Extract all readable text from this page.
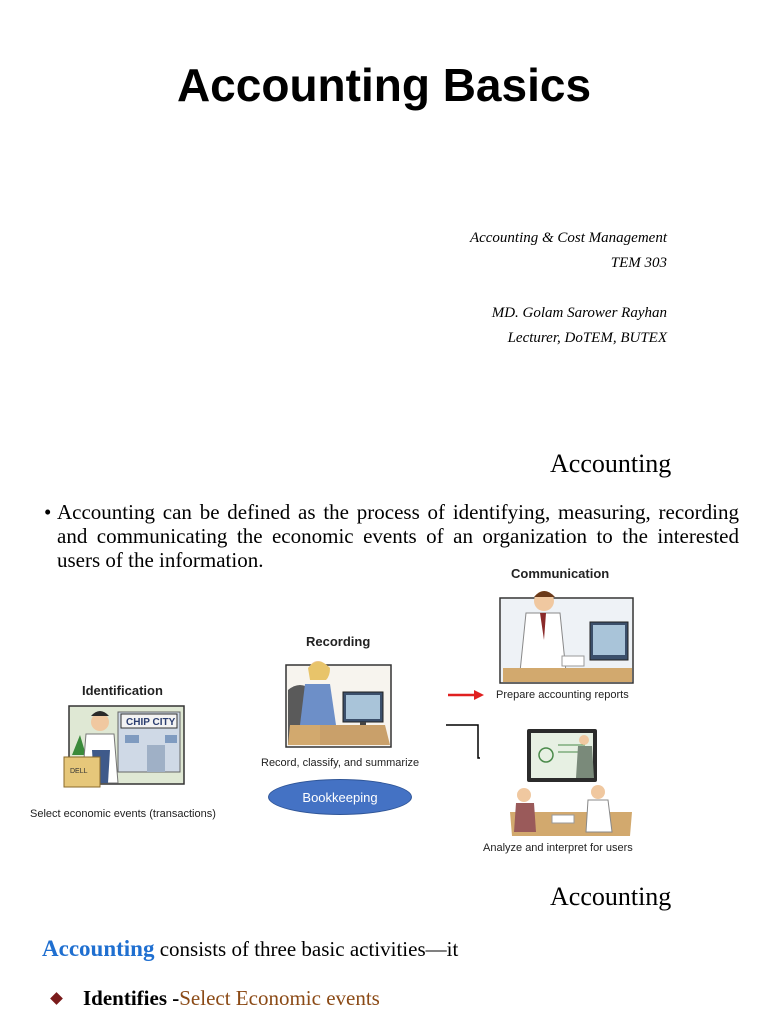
Accounting Basics
Accounting & Cost Management
TEM 303
MD. Golam Sarower Rayhan
Lecturer, DoTEM, BUTEX
Accounting
• Accounting can be defined as the process of identifying, measuring, recording and communicating the economic events of an organization to the interested users of the information.
DELL
CHIP CITY
Identification
Select economic events (transactions)
Recording
Record, classify, and summarize
Bookkeeping
Communication
Prepare accounting reports
Analyze and interpret for users
Accounting
Accounting consists of three basic activities—it
Identifies - Select Economic events
